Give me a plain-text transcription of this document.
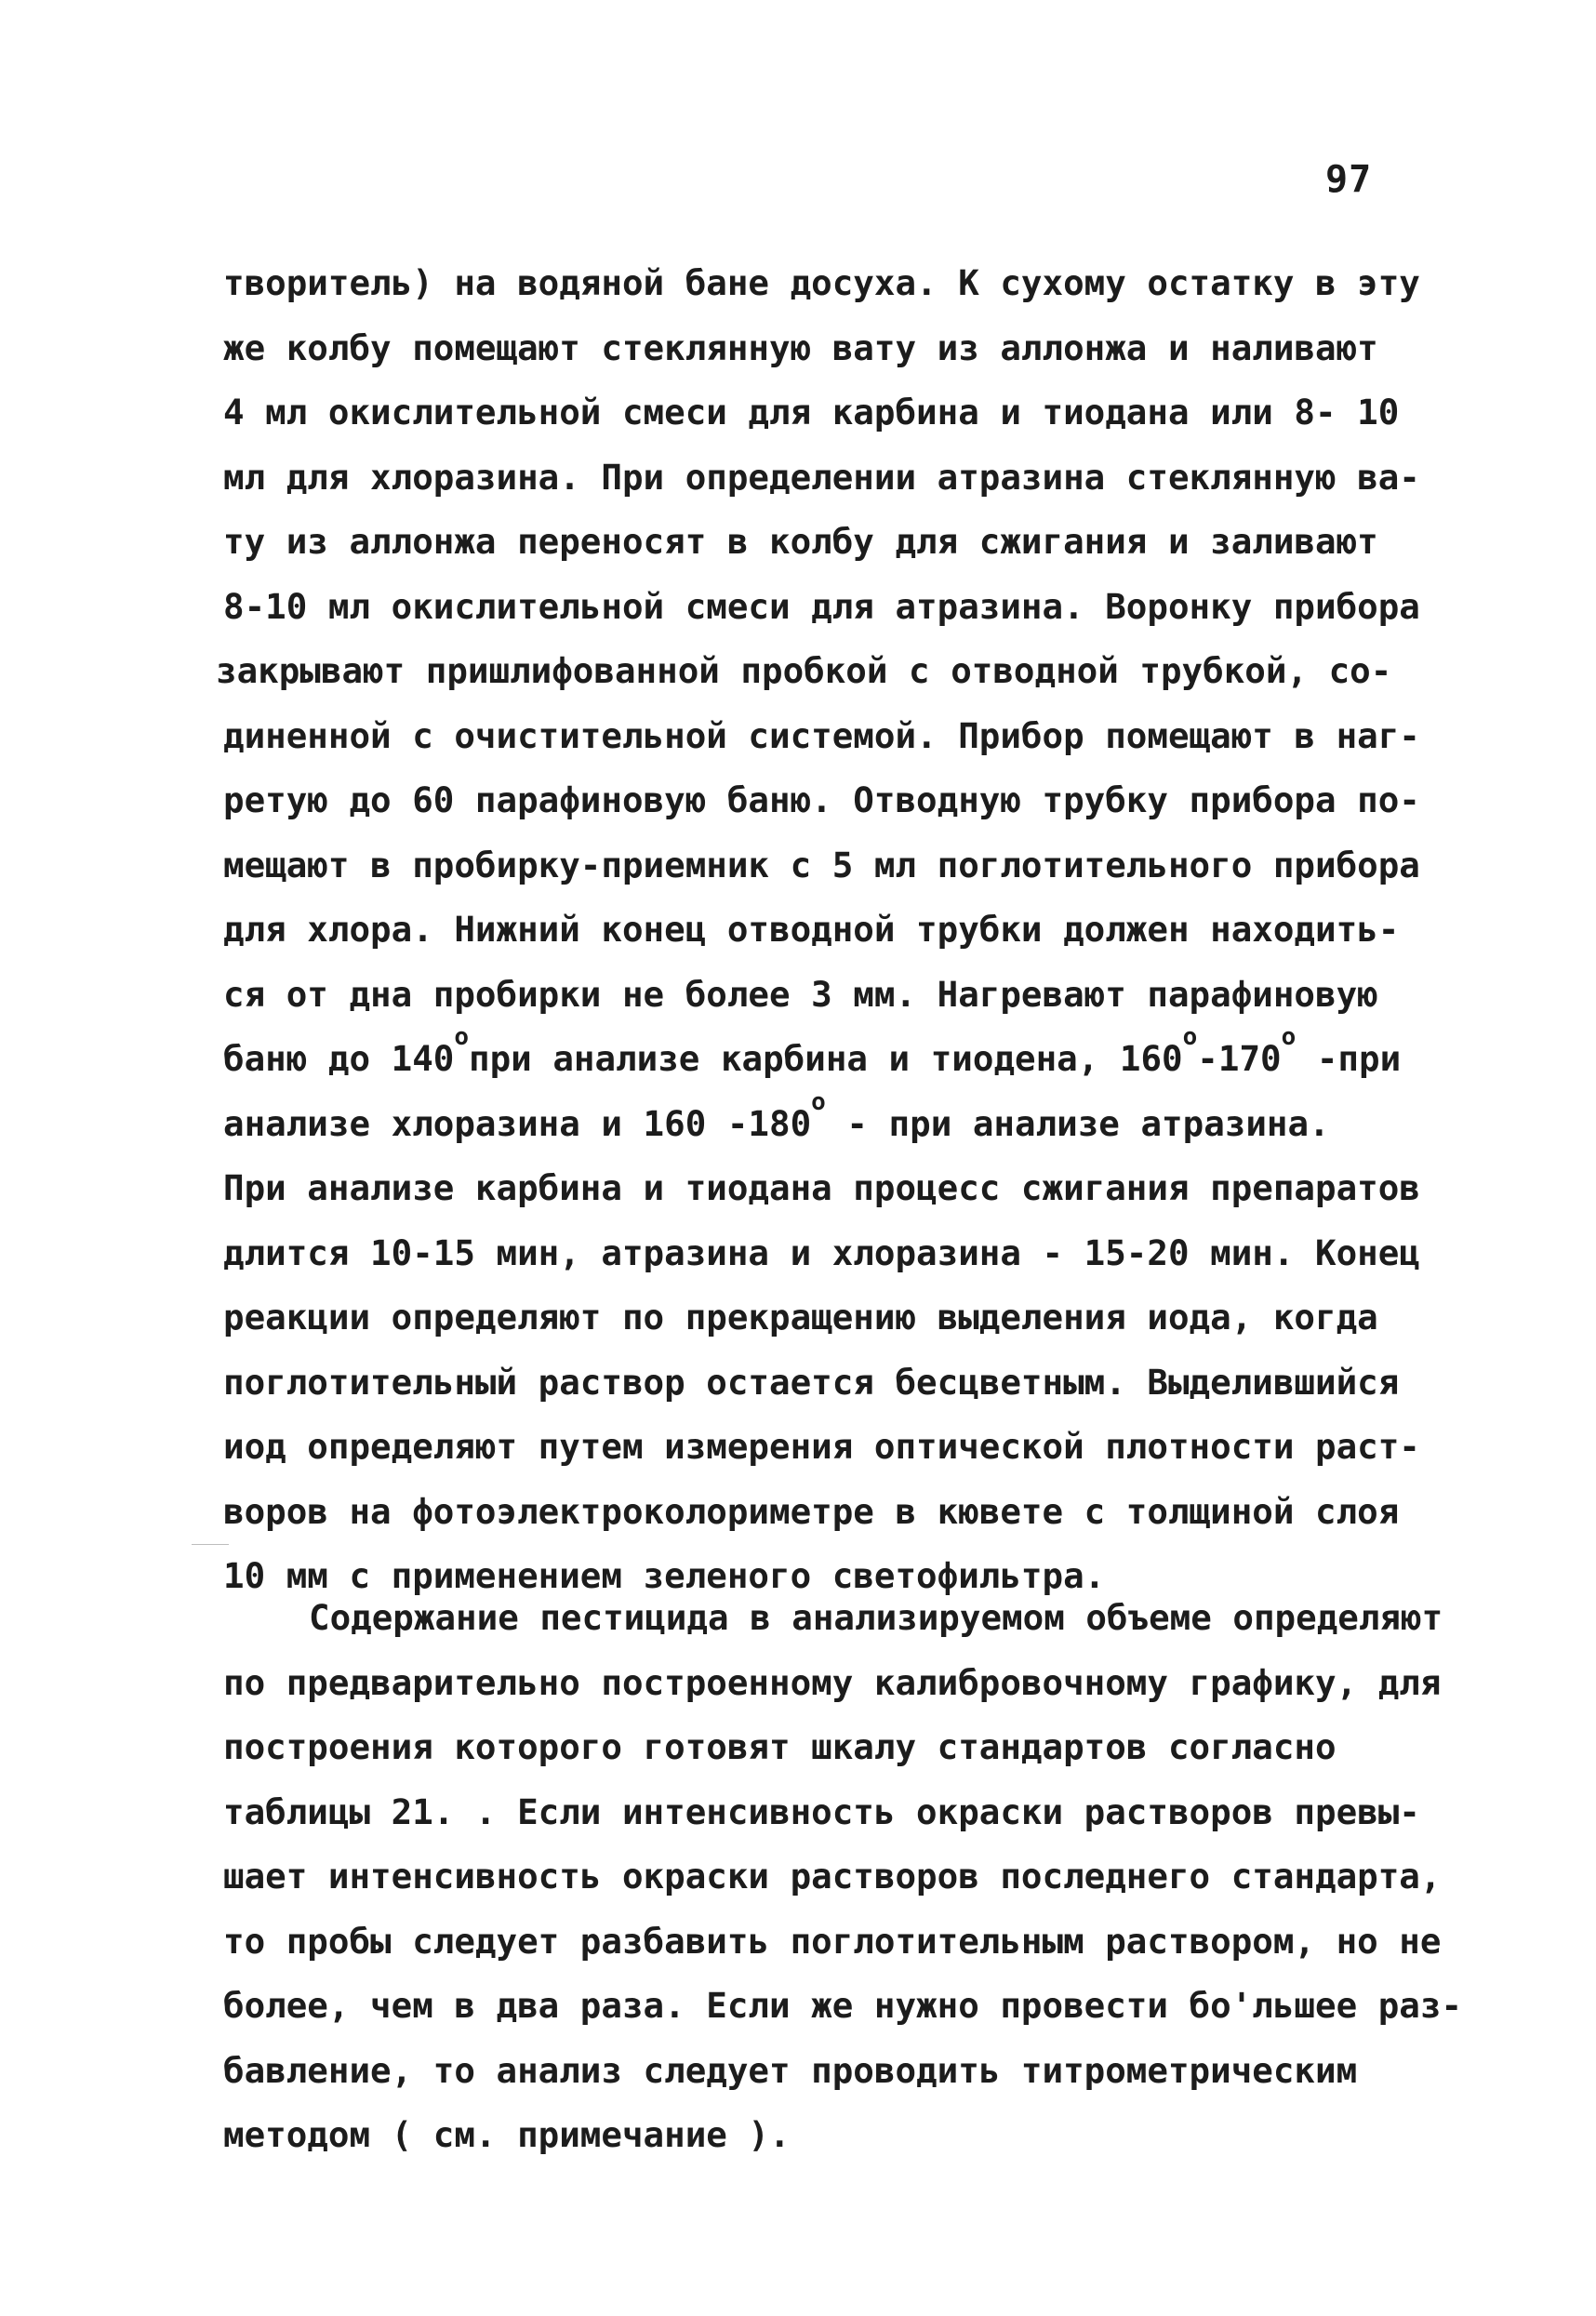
97
творитель) на водяной бане досуха. К сухому остатку в эту
же колбу помещают стеклянную вату из аллонжа и наливают
4 мл окислительной смеси для карбина и тиодана или 8- 10
мл для хлоразина. При определении атразина стеклянную ва-
ту из аллонжа переносят в колбу для сжигания и заливают
8-10 мл окислительной смеси для атразина. Воронку прибора
закрывают пришлифованной пробкой с отводной трубкой, со-
диненной с очистительной системой. Прибор помещают в наг-
ретую до 60 парафиновую баню. Отводную трубку прибора по-
мещают в пробирку-приемник с 5 мл поглотительного прибора
для хлора. Нижний конец отводной трубки должен находить-
ся от дна пробирки не более 3 мм. Нагревают парафиновую
баню до $140^опри$ анализе карбина и тиодена, $160^о-170^о$ -при
анализе хлоразина и 160 $-180^о$ - при анализе атразина.
При анализе карбина и тиодана процесс сжигания препаратов
длится 10-15 мин, атразина и хлоразина - 15-20 мин. Конец
реакции определяют по прекращению выделения иода, когда
поглотительный раствор остается бесцветным. Выделившийся
иод определяют путем измерения оптической плотности раст-
воров на фотоэлектроколориметре в кювете с толщиной слоя
10 мм с применением зеленого светофильтра.
Содержание пестицида в анализируемом объеме определяют
по предварительно построенному калибровочному графику, для
построения которого готовят шкалу стандартов согласно
таблицы 21. . Если интенсивность окраски растворов превы-
шает интенсивность окраски растворов последнего стандарта,
то пробы следует разбавить поглотительным раствором, но не
более, чем в два раза. Если же нужно провести бо'льшее раз-
бавление, то анализ следует проводить титрометрическим
методом ( см. примечание ).
